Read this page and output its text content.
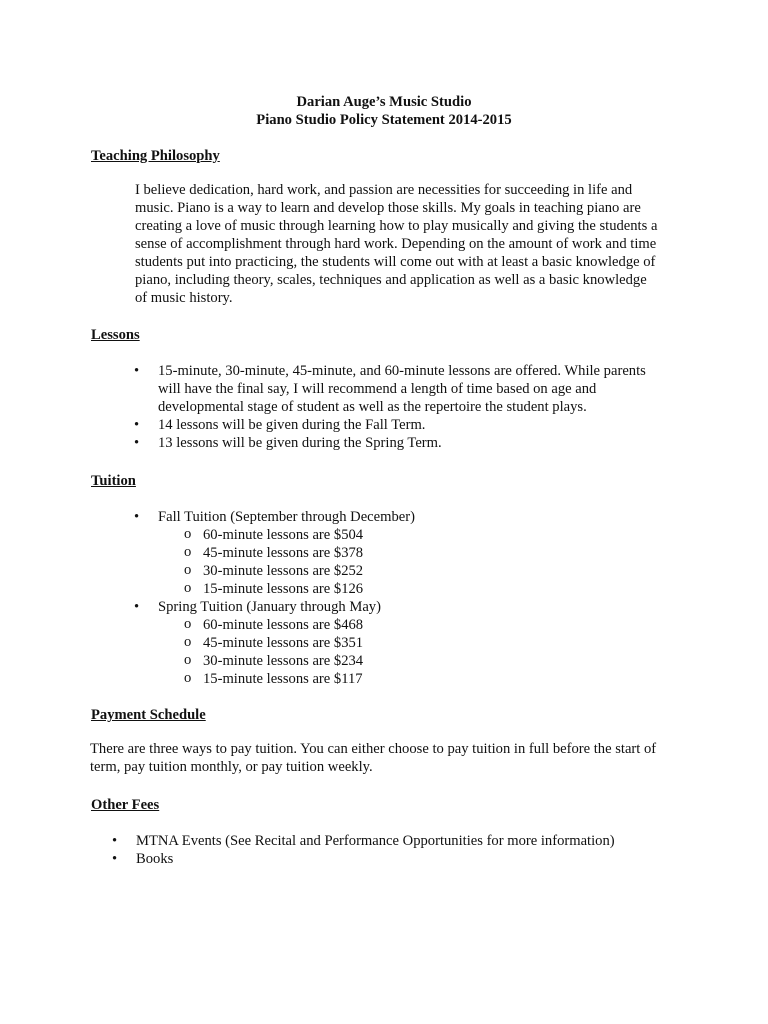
Darian Auge’s Music Studio
Piano Studio Policy Statement 2014-2015
Teaching Philosophy
I believe dedication, hard work, and passion are necessities for succeeding in life and
music. Piano is a way to learn and develop those skills. My goals in teaching piano are
creating a love of music through learning how to play musically and giving the students a
sense of accomplishment through hard work. Depending on the amount of work and time
students put into practicing, the students will come out with at least a basic knowledge of
piano, including theory, scales, techniques and application as well as a basic knowledge
of music history.
Lessons
• 15-minute, 30-minute, 45-minute, and 60-minute lessons are offered. While parents
will have the final say, I will recommend a length of time based on age and
developmental stage of student as well as the repertoire the student plays.
• 14 lessons will be given during the Fall Term.
• 13 lessons will be given during the Spring Term.
Tuition
• Fall Tuition (September through December)
o 60-minute lessons are $504
o 45-minute lessons are $378
o 30-minute lessons are $252
o 15-minute lessons are $126
• Spring Tuition (January through May)
o 60-minute lessons are $468
o 45-minute lessons are $351
o 30-minute lessons are $234
o 15-minute lessons are $117
Payment Schedule
There are three ways to pay tuition. You can either choose to pay tuition in full before the start of
term, pay tuition monthly, or pay tuition weekly.
Other Fees
• MTNA Events (See Recital and Performance Opportunities for more information)
• Books
